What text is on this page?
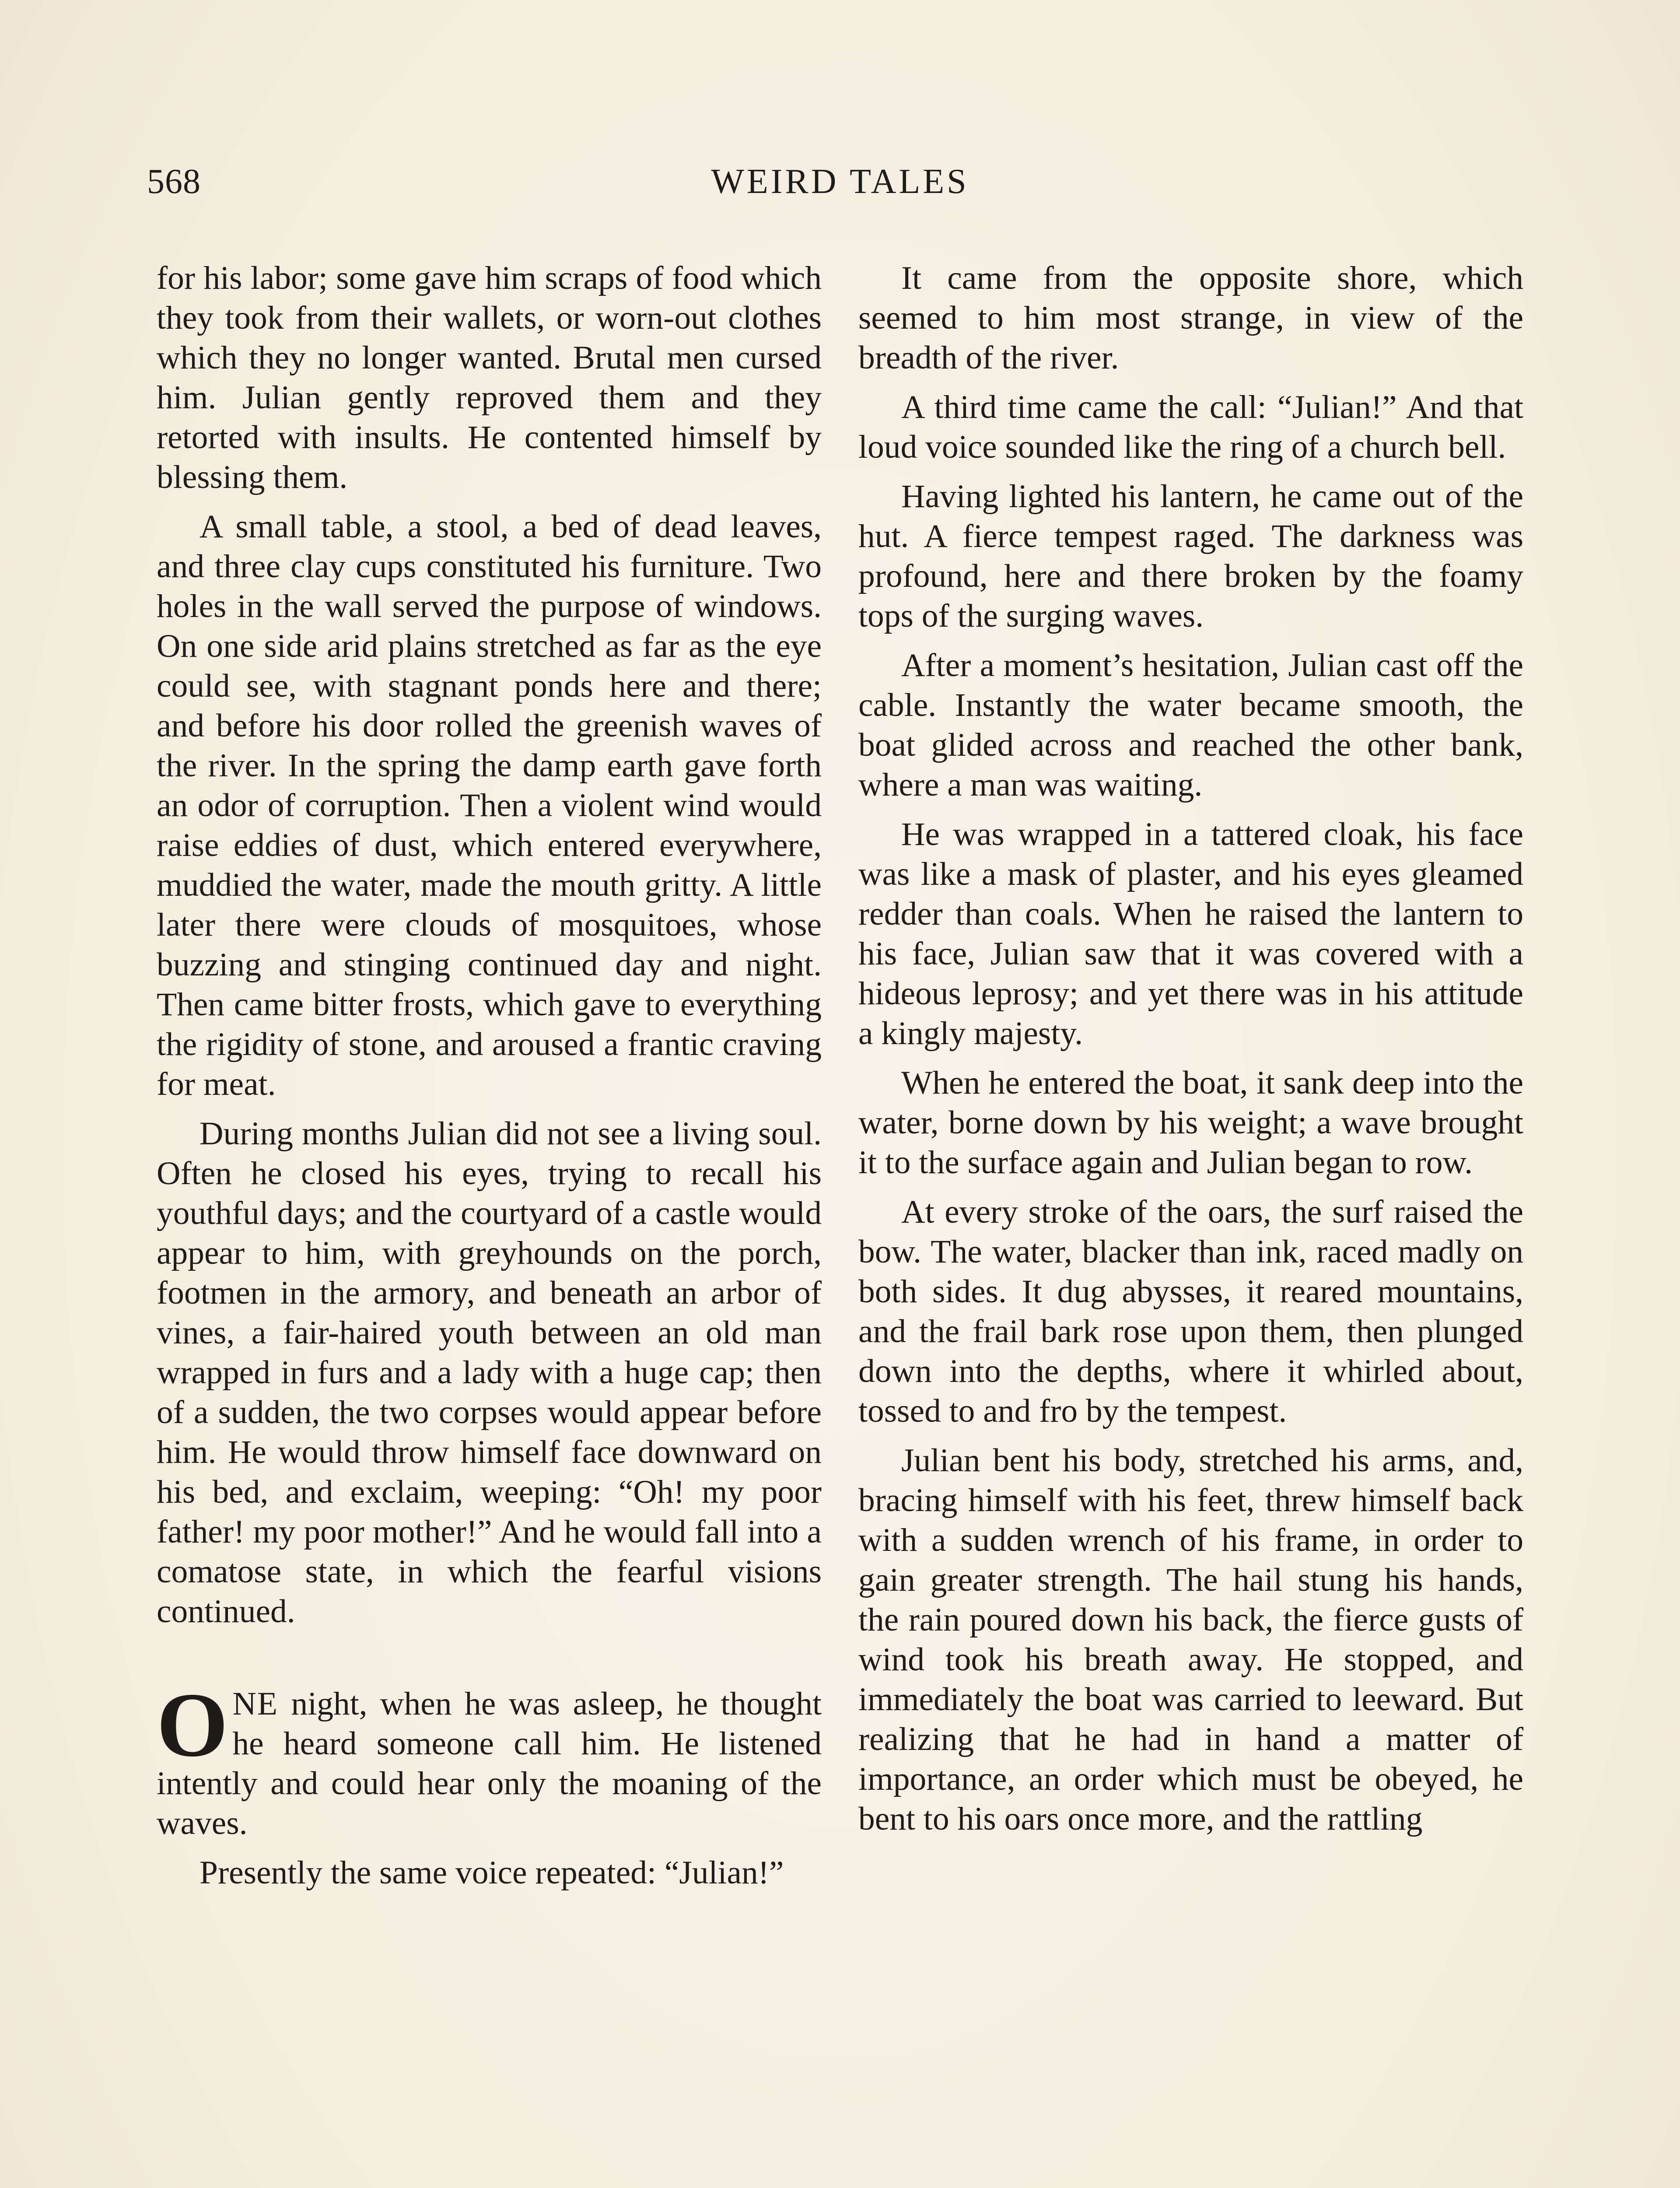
568	WEIRD TALES

for his labor; some gave him scraps of food which they took from their wallets, or worn-out clothes which they no longer wanted. Brutal men cursed him. Julian gently reproved them and they retorted with insults. He contented himself by blessing them.

A small table, a stool, a bed of dead leaves, and three clay cups constituted his furniture. Two holes in the wall served the purpose of windows. On one side arid plains stretched as far as the eye could see, with stagnant ponds here and there; and before his door rolled the greenish waves of the river. In the spring the damp earth gave forth an odor of corruption. Then a violent wind would raise eddies of dust, which entered everywhere, muddied the water, made the mouth gritty. A little later there were clouds of mosquitoes, whose buzzing and stinging continued day and night. Then came bitter frosts, which gave to everything the rigidity of stone, and aroused a frantic craving for meat.

During months Julian did not see a living soul. Often he closed his eyes, trying to recall his youthful days; and the courtyard of a castle would appear to him, with greyhounds on the porch, footmen in the armory, and beneath an arbor of vines, a fair-haired youth between an old man wrapped in furs and a lady with a huge cap; then of a sudden, the two corpses would appear before him. He would throw himself face downward on his bed, and exclaim, weeping: “Oh! my poor father! my poor mother!” And he would fall into a comatose state, in which the fearful visions continued.

ONE night, when he was asleep, he thought he heard someone call him. He listened intently and could hear only the moaning of the waves.

Presently the same voice repeated: “Julian!”

It came from the opposite shore, which seemed to him most strange, in view of the breadth of the river.

A third time came the call: “Julian!” And that loud voice sounded like the ring of a church bell.

Having lighted his lantern, he came out of the hut. A fierce tempest raged. The darkness was profound, here and there broken by the foamy tops of the surging waves.

After a moment’s hesitation, Julian cast off the cable. Instantly the water became smooth, the boat glided across and reached the other bank, where a man was waiting.

He was wrapped in a tattered cloak, his face was like a mask of plaster, and his eyes gleamed redder than coals. When he raised the lantern to his face, Julian saw that it was covered with a hideous leprosy; and yet there was in his attitude a kingly majesty.

When he entered the boat, it sank deep into the water, borne down by his weight; a wave brought it to the surface again and Julian began to row.

At every stroke of the oars, the surf raised the bow. The water, blacker than ink, raced madly on both sides. It dug abysses, it reared mountains, and the frail bark rose upon them, then plunged down into the depths, where it whirled about, tossed to and fro by the tempest.

Julian bent his body, stretched his arms, and, bracing himself with his feet, threw himself back with a sudden wrench of his frame, in order to gain greater strength. The hail stung his hands, the rain poured down his back, the fierce gusts of wind took his breath away. He stopped, and immediately the boat was carried to leeward. But realizing that he had in hand a matter of importance, an order which must be obeyed, he bent to his oars once more, and the rattling
